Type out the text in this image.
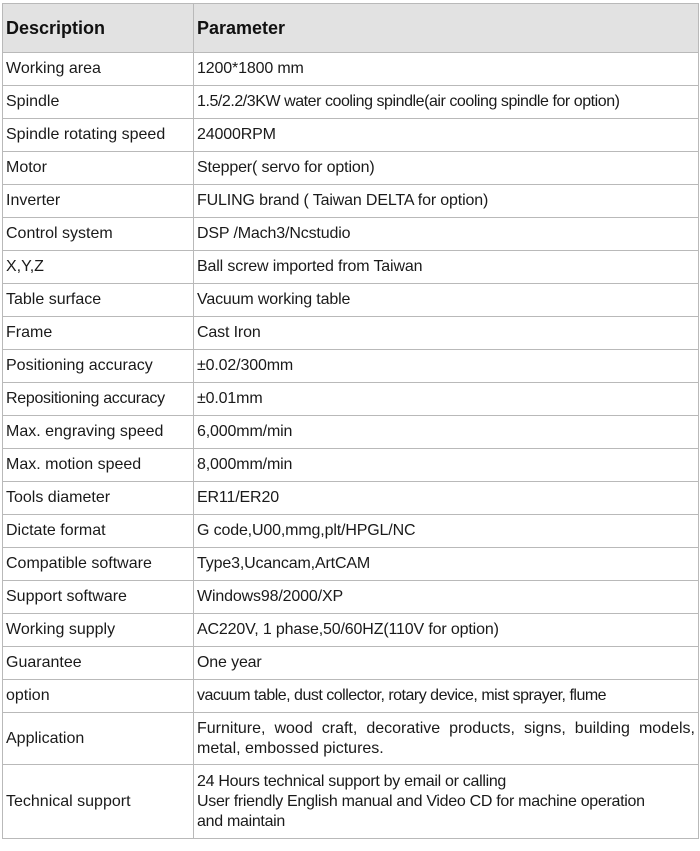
Description	Parameter
Working area	1200*1800 mm
Spindle	1.5/2.2/3KW water cooling spindle(air cooling spindle for option)
Spindle rotating speed	24000RPM
Motor	Stepper( servo for option)
Inverter	FULING brand ( Taiwan DELTA for option)
Control system	DSP /Mach3/Ncstudio
X,Y,Z	Ball screw imported from Taiwan
Table surface	Vacuum working table
Frame	Cast Iron
Positioning accuracy	±0.02/300mm
Repositioning accuracy	±0.01mm
Max. engraving speed	6,000mm/min
Max. motion speed	8,000mm/min
Tools diameter	ER11/ER20
Dictate format	G code,U00,mmg,plt/HPGL/NC
Compatible software	Type3,Ucancam,ArtCAM
Support software	Windows98/2000/XP
Working supply	AC220V, 1 phase,50/60HZ(110V for option)
Guarantee	One year
option	vacuum table, dust collector, rotary device, mist sprayer, flume
Application	Furniture, wood craft, decorative products, signs, building models, metal, embossed pictures.
Technical support	24 Hours technical support by email or calling
User friendly English manual and Video CD for machine operation
and maintain
